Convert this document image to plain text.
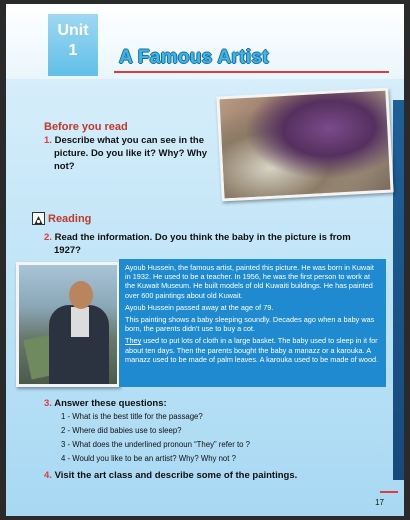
Unit
1	A Famous Artist
Before you read
1. Describe what you can see in the
picture. Do you like it? Why? Why
not?
Reading
2. Read the information. Do you think the baby in the picture is from
1927?

Ayoub Hussein, the famous artist, painted this picture. He was born in Kuwait in 1932. He used to be a teacher. In 1956, he was the first person to work at the Kuwait Museum. He built models of old Kuwaiti buildings. He has painted over 600 paintings about old Kuwait.

Ayoub Hussein passed away at the age of 79.

This painting shows a baby sleeping soundly. Decades ago when a baby was born, the parents didn't use to buy a cot.

They used to put lots of cloth in a large basket. The baby used to sleep in it for about ten days. Then the parents bought the baby a manazz or a karouka. A manazz used to be made of palm leaves. A karouka used to be made of wood.

3. Answer these questions:
1 - What is the best title for the passage?
2 - Where did babies use to sleep?
3 - What does the underlined pronoun “They” refer to ?
4 - Would you like to be an artist? Why? Why not ?
4. Visit the art class and describe some of the paintings.
17
